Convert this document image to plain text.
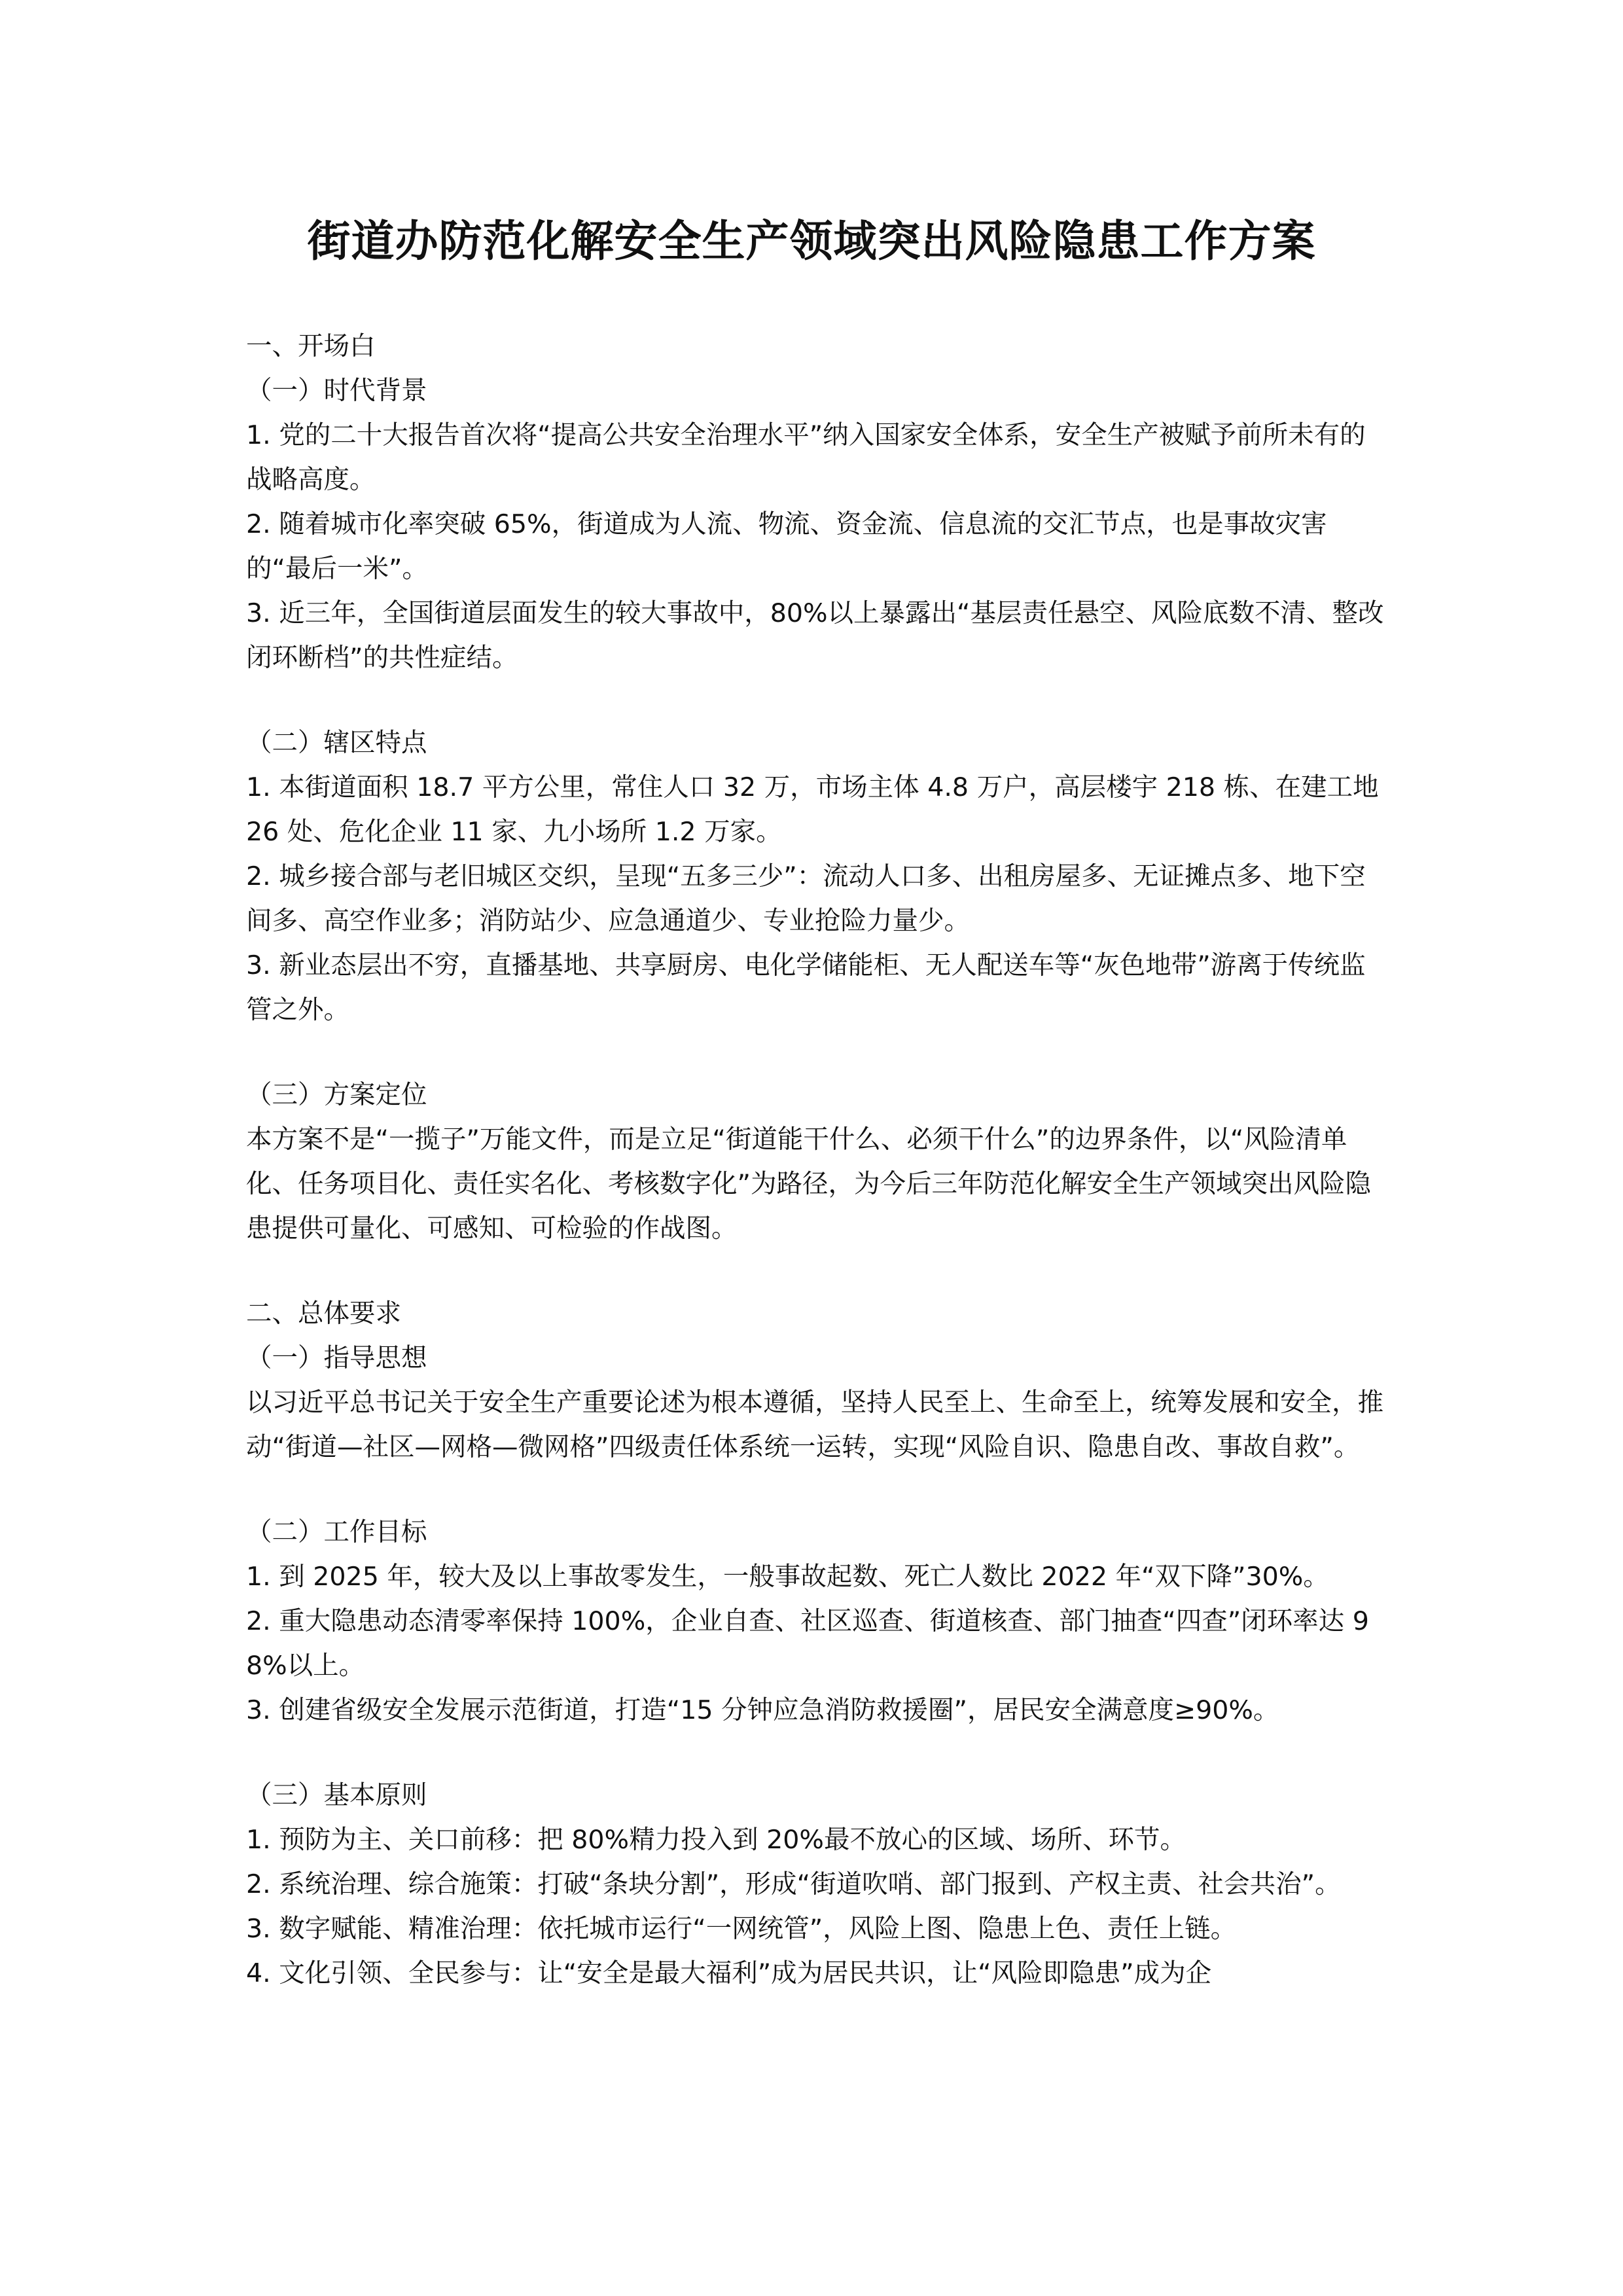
街道办防范化解安全生产领域突出风险隐患工作方案

一、开场白

（一）时代背景

1. 党的二十大报告首次将“提高公共安全治理水平”纳入国家安全体系，安全生产被赋予前所未有的战略高度。

2. 随着城市化率突破 65%，街道成为人流、物流、资金流、信息流的交汇节点，也是事故灾害的“最后一米”。

3. 近三年，全国街道层面发生的较大事故中，80%以上暴露出“基层责任悬空、风险底数不清、整改闭环断档”的共性症结。

（二）辖区特点

1. 本街道面积 18.7 平方公里，常住人口 32 万，市场主体 4.8 万户，高层楼宇 218 栋、在建工地 26 处、危化企业 11 家、九小场所 1.2 万家。

2. 城乡接合部与老旧城区交织，呈现“五多三少”：流动人口多、出租房屋多、无证摊点多、地下空间多、高空作业多；消防站少、应急通道少、专业抢险力量少。

3. 新业态层出不穷，直播基地、共享厨房、电化学储能柜、无人配送车等“灰色地带”游离于传统监管之外。

（三）方案定位

本方案不是“一揽子”万能文件，而是立足“街道能干什么、必须干什么”的边界条件，以“风险清单化、任务项目化、责任实名化、考核数字化”为路径，为今后三年防范化解安全生产领域突出风险隐患提供可量化、可感知、可检验的作战图。

二、总体要求

（一）指导思想

以习近平总书记关于安全生产重要论述为根本遵循，坚持人民至上、生命至上，统筹发展和安全，推动“街道—社区—网格—微网格”四级责任体系统一运转，实现“风险自识、隐患自改、事故自救”。

（二）工作目标

1. 到 2025 年，较大及以上事故零发生，一般事故起数、死亡人数比 2022 年“双下降”30%。

2. 重大隐患动态清零率保持 100%，企业自查、社区巡查、街道核查、部门抽查“四查”闭环率达 98%以上。

3. 创建省级安全发展示范街道，打造“15 分钟应急消防救援圈”，居民安全满意度≥90%。

（三）基本原则

1. 预防为主、关口前移：把 80%精力投入到 20%最不放心的区域、场所、环节。

2. 系统治理、综合施策：打破“条块分割”，形成“街道吹哨、部门报到、产权主责、社会共治”。

3. 数字赋能、精准治理：依托城市运行“一网统管”，风险上图、隐患上色、责任上链。

4. 文化引领、全民参与：让“安全是最大福利”成为居民共识，让“风险即隐患”成为企
